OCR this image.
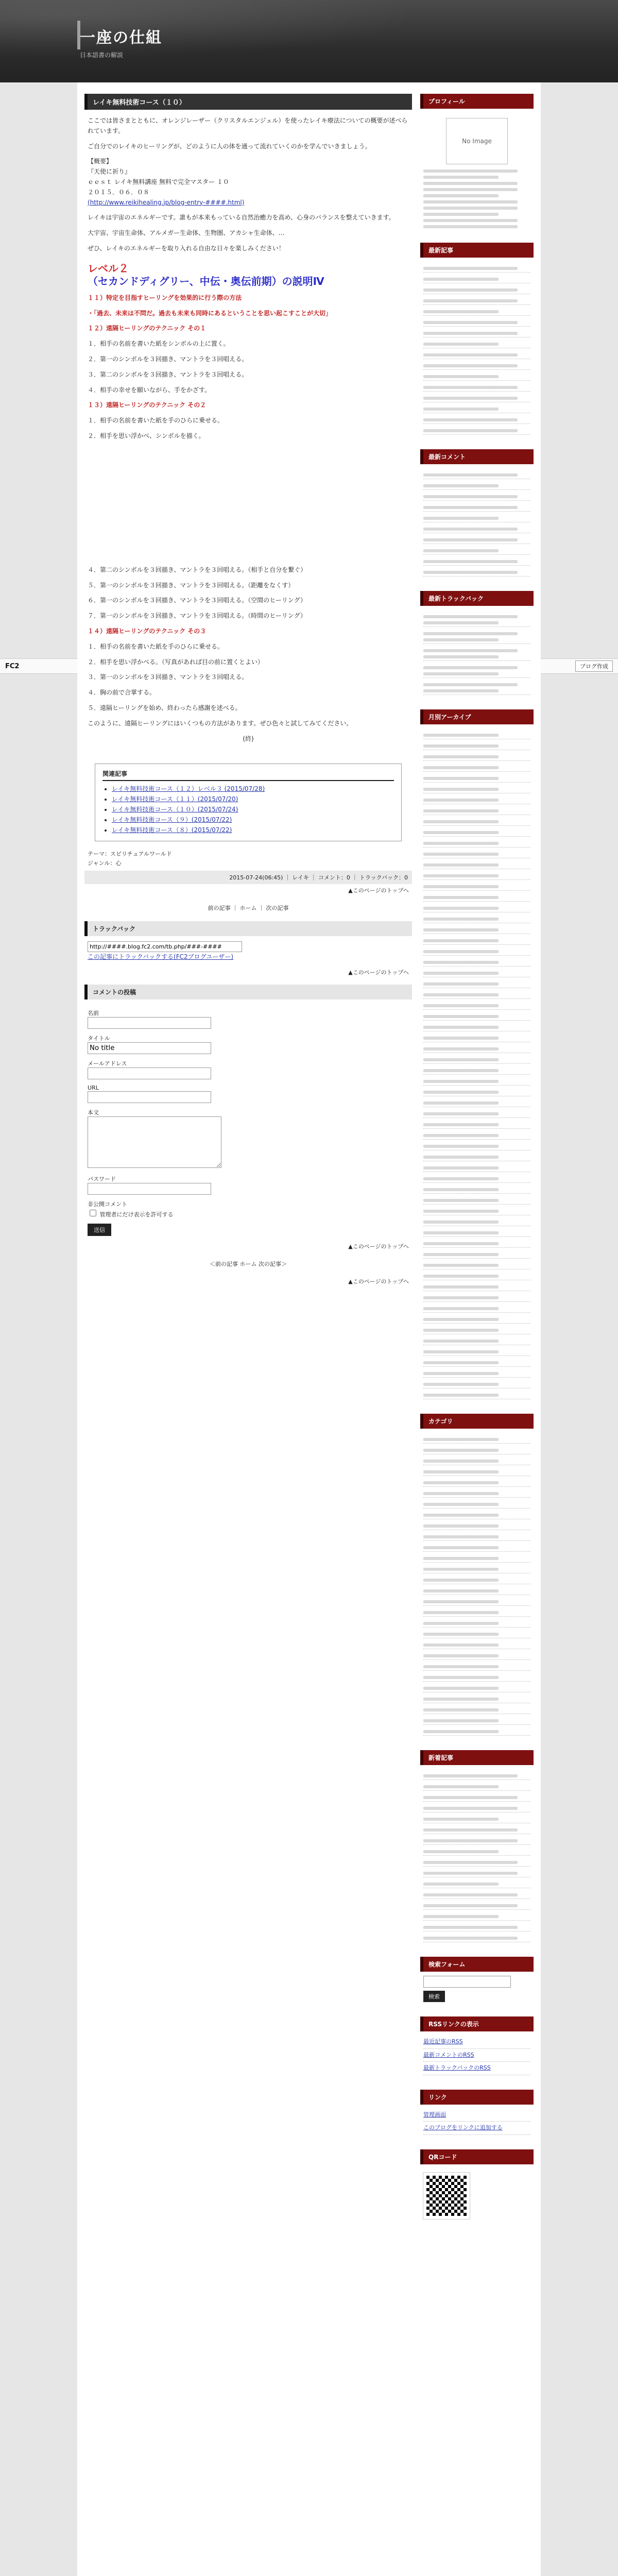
一座の仕組
日本語書の解説
FC2	ブログ作成
レイキ無料技術コース（１０）

ここでは皆さまとともに、オレンジレーザー（クリスタルエンジェル）を使ったレイキ療法についての概要が述べられています。

ご自分でのレイキのヒーリングが、どのように人の体を通って流れていくのかを学んでいきましょう。

【概要】
『天使に祈り』
ｅｅｓｔ レイキ無料講座 無料で完全マスター １０
２０１５．０６．０８
(http://www.reikihealing.jp/blog-entry-####.html)

レイキは宇宙のエネルギーです。誰もが本来もっている自然治癒力を高め、心身のバランスを整えていきます。

大宇宙、宇宙生命体、アルメガー生命体、生物圏、アカシャ生命体、…

ぜひ、レイキのエネルギーを取り入れる自由な日々を楽しみください！

レベル２
（セカンドディグリー、中伝・奥伝前期）の説明Ⅳ

１１）特定を目指すヒーリングを効果的に行う際の方法

・「過去、未来は不問だ。過去も未来も同時にあるということを思い起こすことが大切」

１２）遠隔ヒーリングのテクニック その１

１．相手の名前を書いた紙をシンボルの上に置く。

２．第一のシンボルを３回描き、マントラを３回唱える。

３．第二のシンボルを３回描き、マントラを３回唱える。

４．相手の幸せを願いながら、手をかざす。

１３）遠隔ヒーリングのテクニック その２

１．相手の名前を書いた紙を手のひらに乗せる。

２．相手を思い浮かべ、シンボルを描く。

４．第二のシンボルを３回描き、マントラを３回唱える。（相手と自分を繋ぐ）

５．第一のシンボルを３回描き、マントラを３回唱える。（距離をなくす）

６．第一のシンボルを３回描き、マントラを３回唱える。（空間のヒーリング）

７．第一のシンボルを３回描き、マントラを３回唱える。（時間のヒーリング）

１４）遠隔ヒーリングのテクニック その３

１．相手の名前を書いた紙を手のひらに乗せる。

２．相手を思い浮かべる。（写真があれば目の前に置くとよい）

３．第一のシンボルを３回描き、マントラを３回唱える。

４．胸の前で合掌する。

５．遠隔ヒーリングを始め、終わったら感謝を述べる。

このように、遠隔ヒーリングにはいくつもの方法があります。ぜひ色々と試してみてください。

(終)

関連記事
• レイキ無料技術コース（１２）レベル３ (2015/07/28)
• レイキ無料技術コース（１１）(2015/07/20)
• レイキ無料技術コース（１０）(2015/07/24)
• レイキ無料技術コース（９）(2015/07/22)
• レイキ無料技術コース（８）(2015/07/22)
テーマ：スピリチュアルワールド
ジャンル：心
2015-07-24(06:45) ｜ レイキ ｜ コメント：0 ｜ トラックバック：0
▲このページのトップへ
前の記事 ｜ ホーム ｜ 次の記事
トラックバック
http://####.blog.fc2.com/tb.php/###-####
この記事にトラックバックする(FC2ブログユーザー)
▲このページのトップへ
コメントの投稿
名前
タイトル
No title
メールアドレス
URL
本文
パスワード
非公開コメント
管理者にだけ表示を許可する
送信
▲このページのトップへ
＜前の記事 ホーム 次の記事＞
▲このページのトップへ
プロフィール
No Image
最新記事
最新コメント
最新トラックバック
月別アーカイブ
カテゴリ
新着記事
検索フォーム

検索
RSSリンクの表示
最近記事のRSS
最新コメントのRSS
最新トラックバックのRSS
リンク
管理画面
このブログをリンクに追加する
QRコード
